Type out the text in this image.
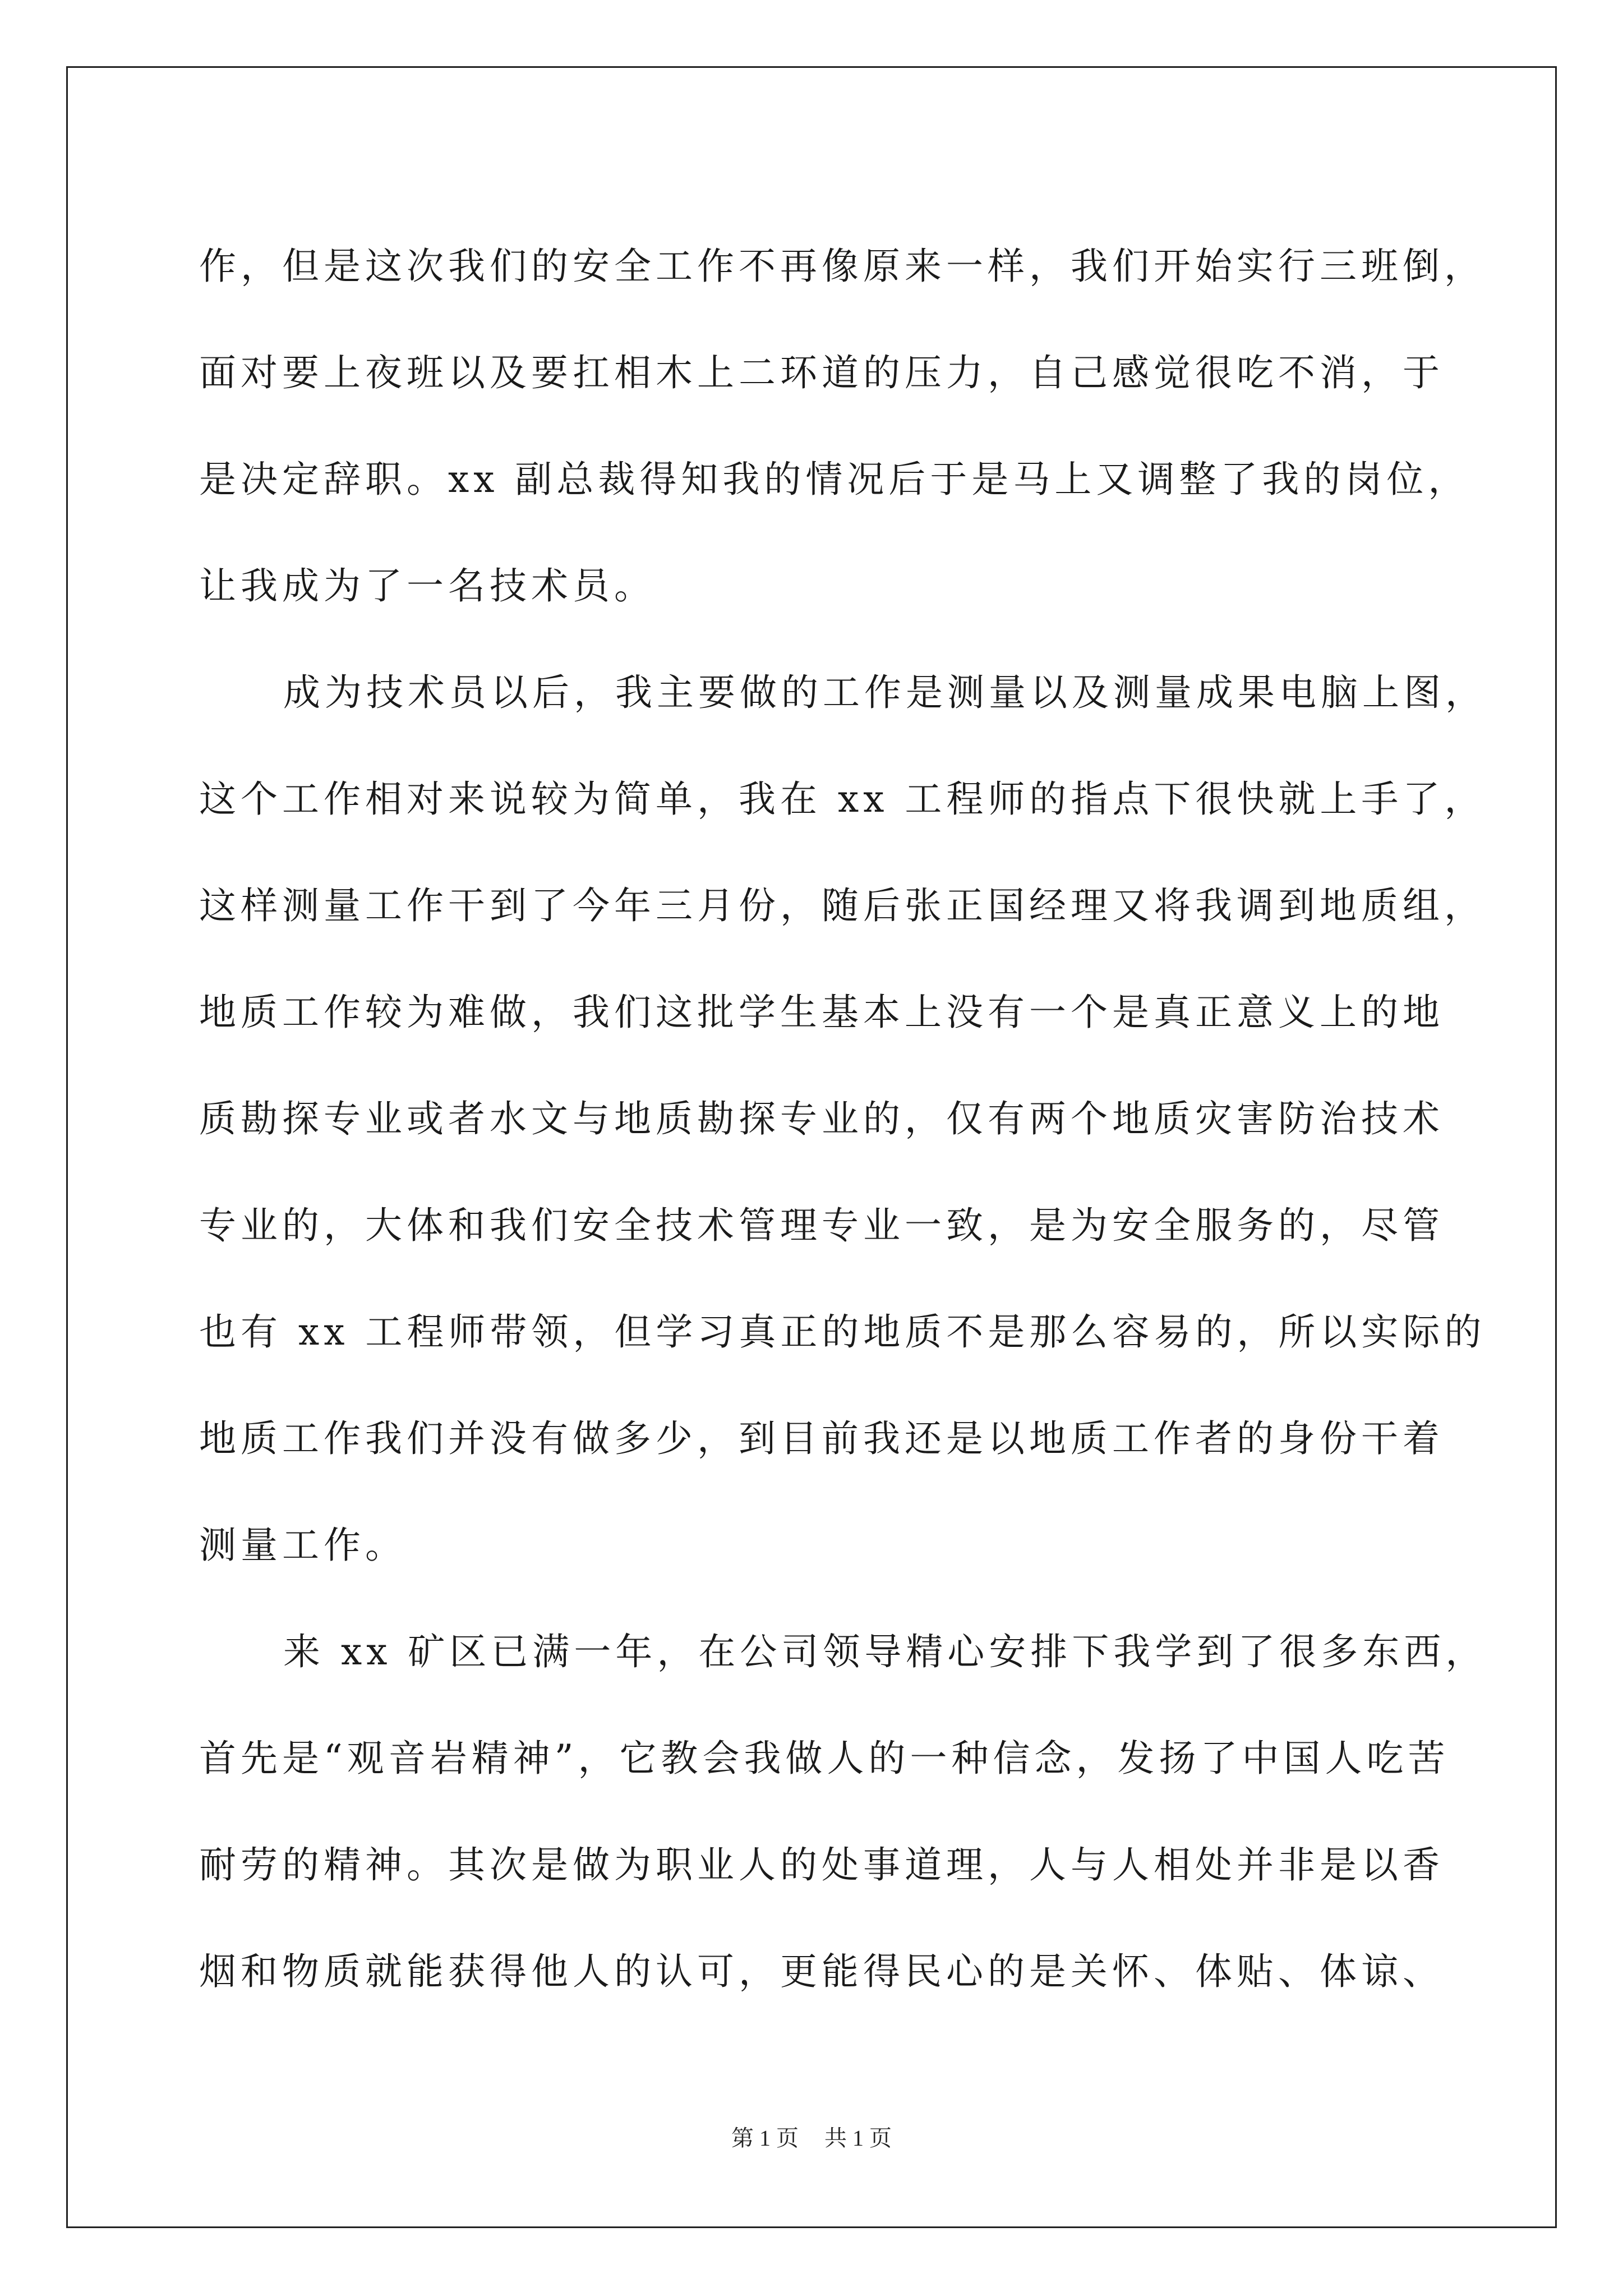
作，但是这次我们的安全工作不再像原来一样，我们开始实行三班倒，
面对要上夜班以及要扛相木上二环道的压力，自己感觉很吃不消，于
是决定辞职。xx 副总裁得知我的情况后于是马上又调整了我的岗位，
让我成为了一名技术员。
成为技术员以后，我主要做的工作是测量以及测量成果电脑上图，
这个工作相对来说较为简单，我在 xx 工程师的指点下很快就上手了，
这样测量工作干到了今年三月份，随后张正国经理又将我调到地质组，
地质工作较为难做，我们这批学生基本上没有一个是真正意义上的地
质勘探专业或者水文与地质勘探专业的，仅有两个地质灾害防治技术
专业的，大体和我们安全技术管理专业一致，是为安全服务的，尽管
也有 xx 工程师带领，但学习真正的地质不是那么容易的，所以实际的
地质工作我们并没有做多少，到目前我还是以地质工作者的身份干着
测量工作。
来 xx 矿区已满一年，在公司领导精心安排下我学到了很多东西，
首先是“观音岩精神”，它教会我做人的一种信念，发扬了中国人吃苦
耐劳的精神。其次是做为职业人的处事道理，人与人相处并非是以香
烟和物质就能获得他人的认可，更能得民心的是关怀、体贴、体谅、
第 1 页 共 1 页
